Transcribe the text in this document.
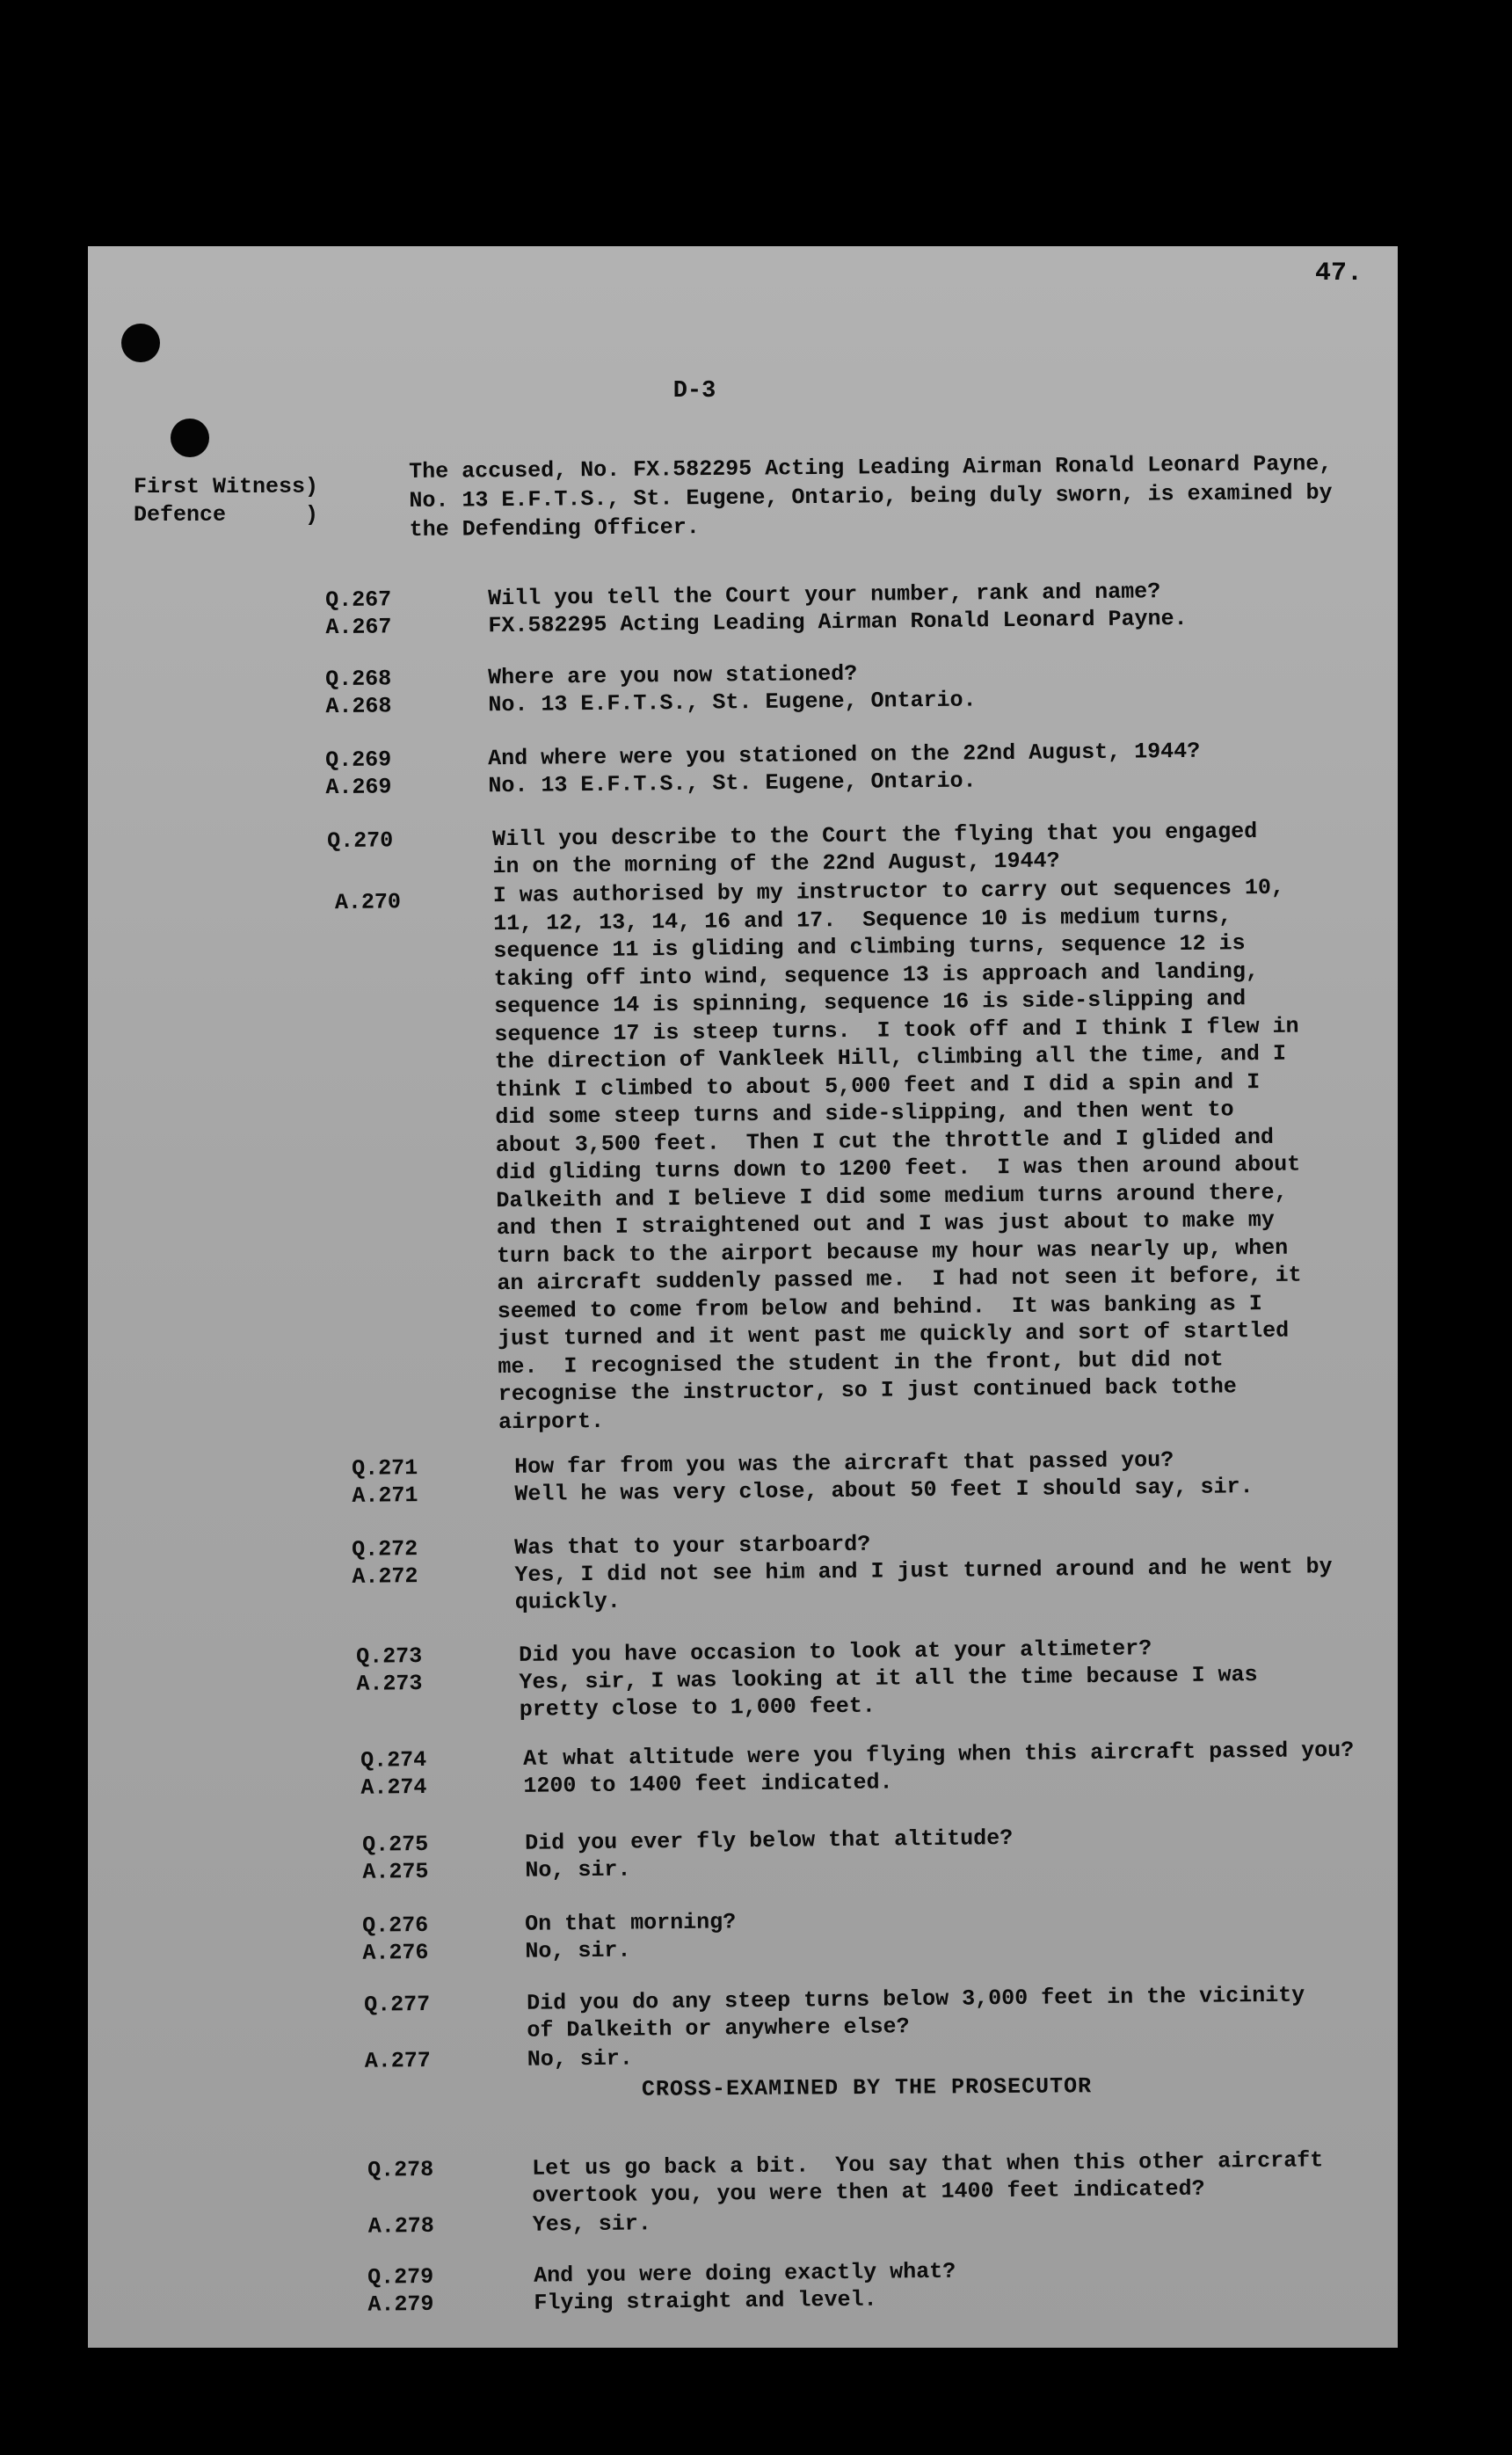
47.
D-3
First Witness)
Defence      )
The accused, No. FX.582295 Acting Leading Airman Ronald Leonard Payne, No. 13 E.F.T.S., St. Eugene, Ontario, being duly sworn, is examined by the Defending Officer.
Q.267	Will you tell the Court your number, rank and name?
A.267	FX.582295 Acting Leading Airman Ronald Leonard Payne.
Q.268	Where are you now stationed?
A.268	No. 13 E.F.T.S., St. Eugene, Ontario.
Q.269	And where were you stationed on the 22nd August, 1944?
A.269	No. 13 E.F.T.S., St. Eugene, Ontario.
Q.270	Will you describe to the Court the flying that you engaged in on the morning of the 22nd August, 1944?
A.270	I was authorised by my instructor to carry out sequences 10, 11, 12, 13, 14, 16 and 17.  Sequence 10 is medium turns, sequence 11 is gliding and climbing turns, sequence 12 is taking off into wind, sequence 13 is approach and landing, sequence 14 is spinning, sequence 16 is side-slipping and sequence 17 is steep turns.  I took off and I think I flew in the direction of Vankleek Hill, climbing all the time, and I think I climbed to about 5,000 feet and I did a spin and I did some steep turns and side-slipping, and then went to about 3,500 feet.  Then I cut the throttle and I glided and did gliding turns down to 1200 feet.  I was then around about Dalkeith and I believe I did some medium turns around there, and then I straightened out and I was just about to make my turn back to the airport because my hour was nearly up, when an aircraft suddenly passed me.  I had not seen it before, it seemed to come from below and behind.  It was banking as I just turned and it went past me quickly and sort of startled me.  I recognised the student in the front, but did not recognise the instructor, so I just continued back tothe airport.
Q.271	How far from you was the aircraft that passed you?
A.271	Well he was very close, about 50 feet I should say, sir.
Q.272	Was that to your starboard?
A.272	Yes, I did not see him and I just turned around and he went by quickly.
Q.273	Did you have occasion to look at your altimeter?
A.273	Yes, sir, I was looking at it all the time because I was pretty close to 1,000 feet.
Q.274	At what altitude were you flying when this aircraft passed you?
A.274	1200 to 1400 feet indicated.
Q.275	Did you ever fly below that altitude?
A.275	No, sir.
Q.276	On that morning?
A.276	No, sir.
Q.277	Did you do any steep turns below 3,000 feet in the vicinity of Dalkeith or anywhere else?
A.277	No, sir.
CROSS-EXAMINED BY THE PROSECUTOR
Q.278	Let us go back a bit.  You say that when this other aircraft overtook you, you were then at 1400 feet indicated?
A.278	Yes, sir.
Q.279	And you were doing exactly what?
A.279	Flying straight and level.
